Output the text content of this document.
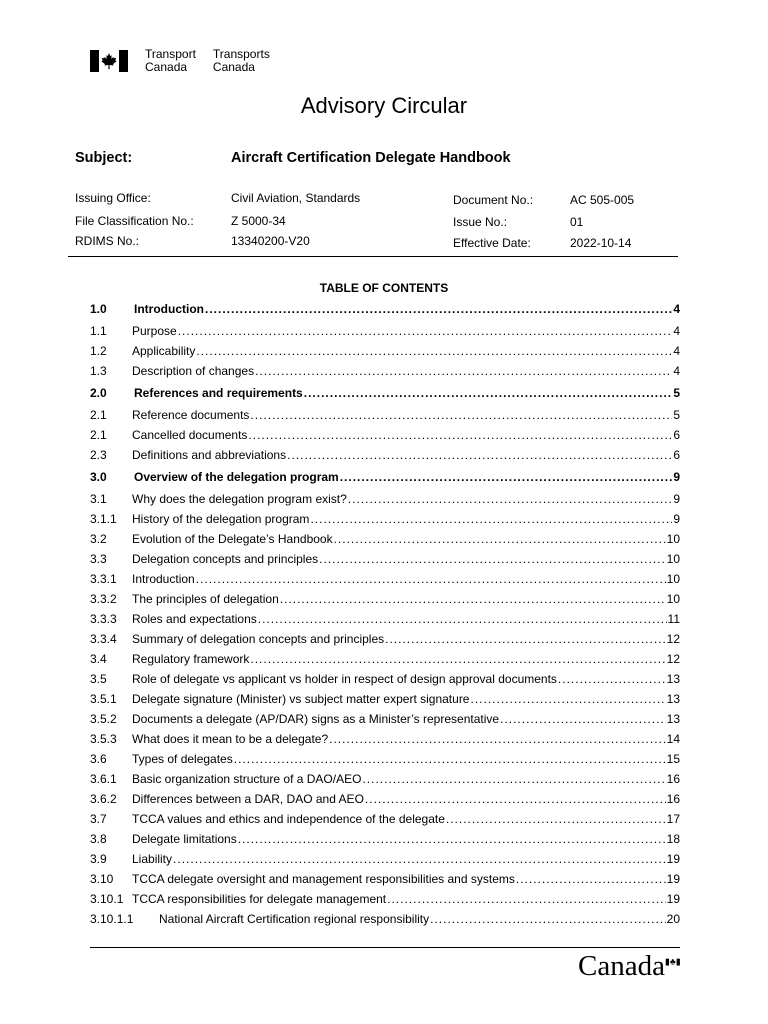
Transport
Canada
Transports
Canada
Advisory Circular
Subject:	Aircraft Certification Delegate Handbook
Issuing Office:	Civil Aviation, Standards
File Classification No.:	Z 5000-34
RDIMS No.:	13340200-V20
Document No.:	AC 505-005
Issue No.:	01
Effective Date:	2022-10-14
TABLE OF CONTENTS
1.0	Introduction .....	4
1.1	Purpose .....	4
1.2	Applicability .....	4
1.3	Description of changes .....	4
2.0	References and requirements .....	5
2.1	Reference documents .....	5
2.1	Cancelled documents .....	6
2.3	Definitions and abbreviations .....	6
3.0	Overview of the delegation program .....	9
3.1	Why does the delegation program exist? .....	9
3.1.1	History of the delegation program .....	9
3.2	Evolution of the Delegate’s Handbook .....	10
3.3	Delegation concepts and principles .....	10
3.3.1	Introduction .....	10
3.3.2	The principles of delegation .....	10
3.3.3	Roles and expectations .....	11
3.3.4	Summary of delegation concepts and principles .....	12
3.4	Regulatory framework .....	12
3.5	Role of delegate vs applicant vs holder in respect of design approval documents .....	13
3.5.1	Delegate signature (Minister) vs subject matter expert signature .....	13
3.5.2	Documents a delegate (AP/DAR) signs as a Minister’s representative .....	13
3.5.3	What does it mean to be a delegate? .....	14
3.6	Types of delegates .....	15
3.6.1	Basic organization structure of a DAO/AEO .....	16
3.6.2	Differences between a DAR, DAO and AEO .....	16
3.7	TCCA values and ethics and independence of the delegate .....	17
3.8	Delegate limitations .....	18
3.9	Liability .....	19
3.10	TCCA delegate oversight and management responsibilities and systems .....	19
3.10.1 TCCA responsibilities for delegate management .....	19
3.10.1.1	National Aircraft Certification regional responsibility .....	20
Canada▮♣▮
